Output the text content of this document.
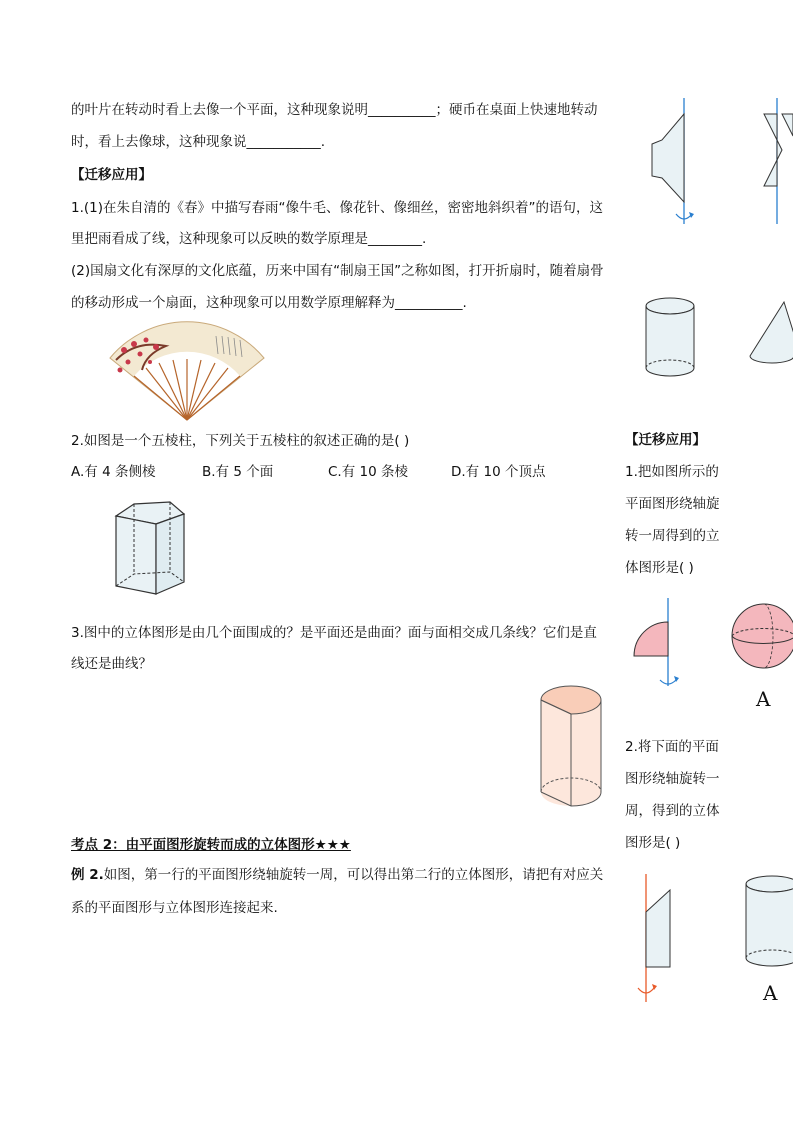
的叶片在转动时看上去像一个平面，这种现象说明__________；硬币在桌面上快速地转动
时，看上去像球，这种现象说___________.
【迁移应用】
1.(1)在朱自清的《春》中描写春雨“像牛毛、像花针、像细丝，密密地斜织着”的语句，这
里把雨看成了线，这种现象可以反映的数学原理是________.
(2)国扇文化有深厚的文化底蕴，历来中国有“制扇王国”之称如图，打开折扇时，随着扇骨
的移动形成一个扇面，这种现象可以用数学原理解释为__________.
2.如图是一个五棱柱，下列关于五棱柱的叙述正确的是( )
A.有 4 条侧棱	B.有 5 个面	C.有 10 条棱	D.有 10 个顶点
3.图中的立体图形是由几个面围成的？是平面还是曲面？面与面相交成几条线？它们是直
线还是曲线？
考点 2：由平面图形旋转而成的立体图形★★★
例 2.如图，第一行的平面图形绕轴旋转一周，可以得出第二行的立体图形，请把有对应关
系的平面图形与立体图形连接起来.
【迁移应用】
1.把如图所示的
平面图形绕轴旋
转一周得到的立
体图形是( )
A
2.将下面的平面
图形绕轴旋转一
周，得到的立体
图形是( )
A
